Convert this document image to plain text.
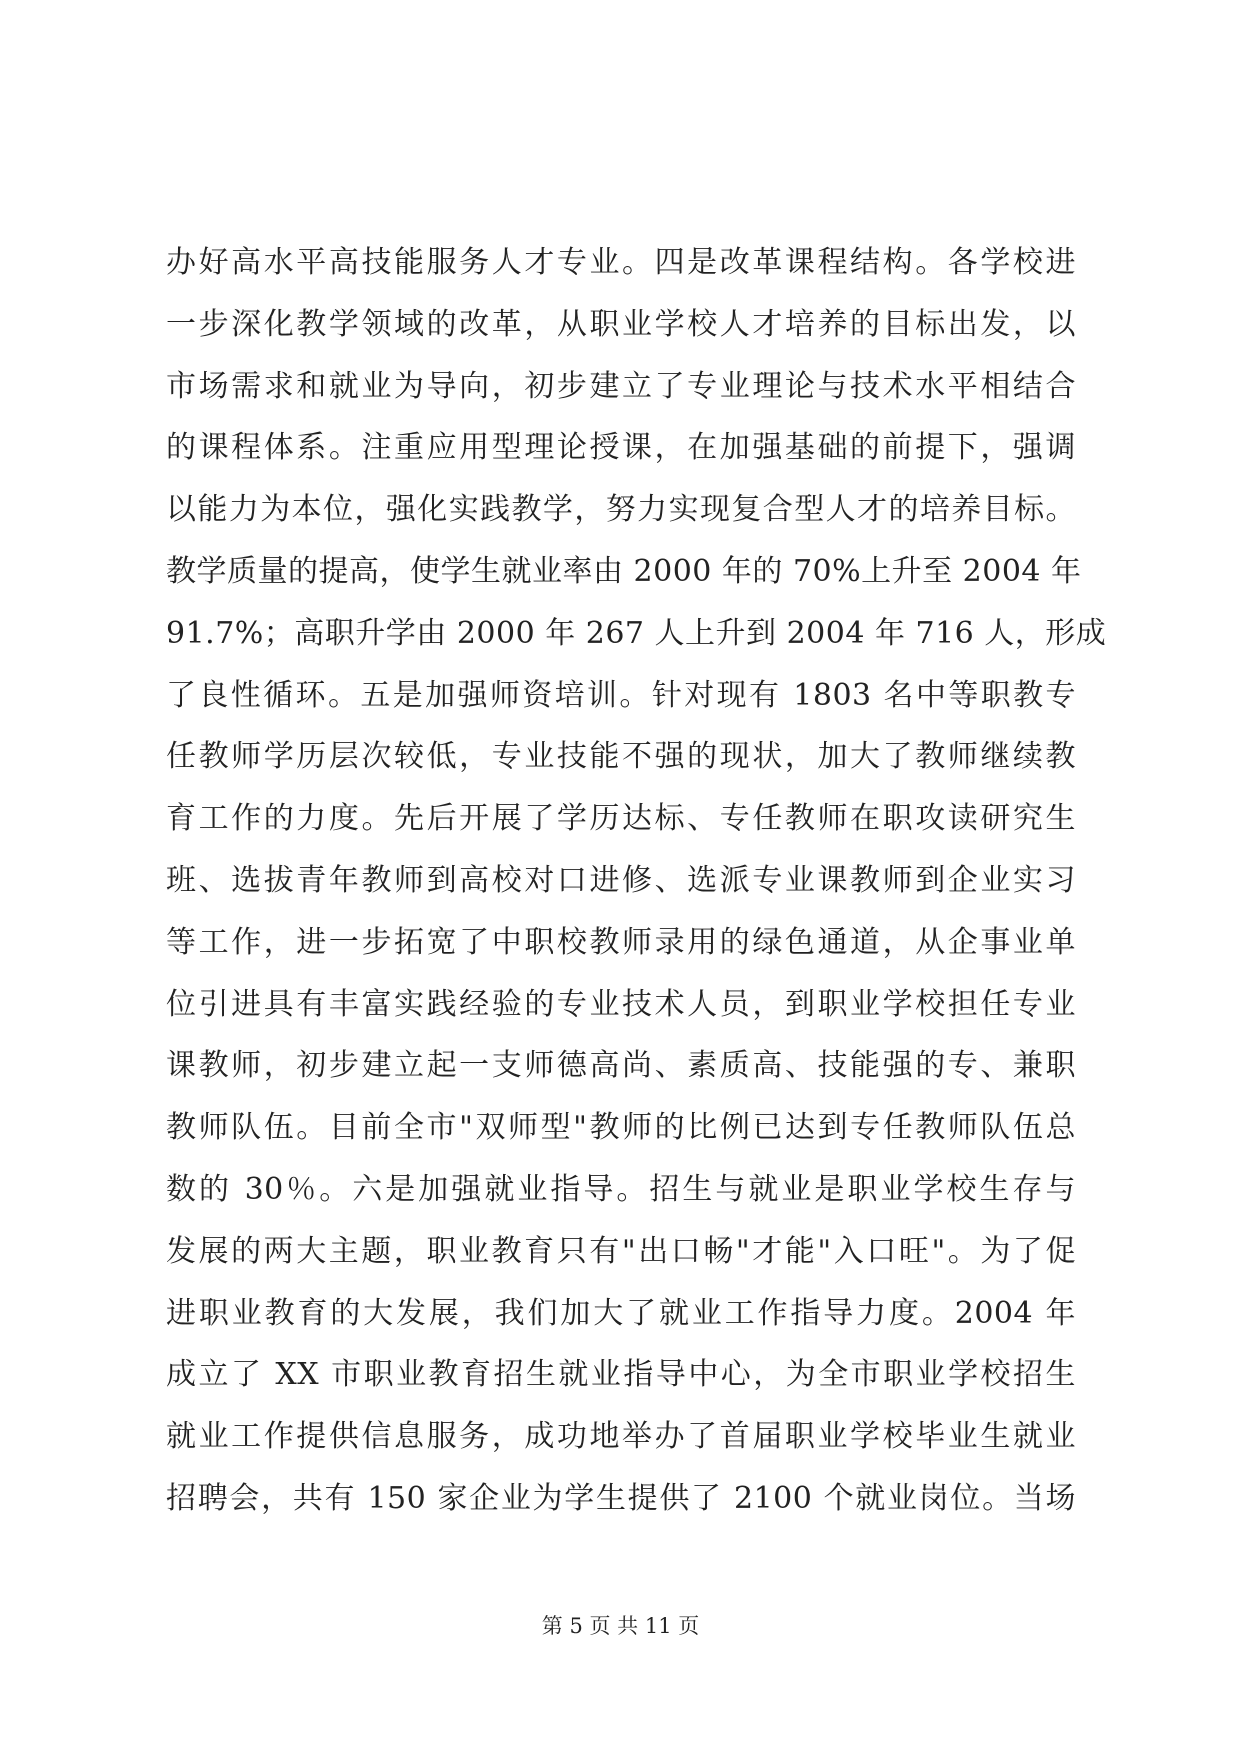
办好高水平高技能服务人才专业。四是改革课程结构。各学校进
一步深化教学领域的改革，从职业学校人才培养的目标出发，以
市场需求和就业为导向，初步建立了专业理论与技术水平相结合
的课程体系。注重应用型理论授课，在加强基础的前提下，强调
以能力为本位，强化实践教学，努力实现复合型人才的培养目标。
教学质量的提高，使学生就业率由 2000 年的 70%上升至 2004 年
91.7%；高职升学由 2000 年 267 人上升到 2004 年 716 人，形成
了良性循环。五是加强师资培训。针对现有 1803 名中等职教专
任教师学历层次较低，专业技能不强的现状，加大了教师继续教
育工作的力度。先后开展了学历达标、专任教师在职攻读研究生
班、选拔青年教师到高校对口进修、选派专业课教师到企业实习
等工作，进一步拓宽了中职校教师录用的绿色通道，从企事业单
位引进具有丰富实践经验的专业技术人员，到职业学校担任专业
课教师，初步建立起一支师德高尚、素质高、技能强的专、兼职
教师队伍。目前全市"双师型"教师的比例已达到专任教师队伍总
数的 30％。六是加强就业指导。招生与就业是职业学校生存与
发展的两大主题，职业教育只有"出口畅"才能"入口旺"。为了促
进职业教育的大发展，我们加大了就业工作指导力度。2004 年
成立了 XX 市职业教育招生就业指导中心，为全市职业学校招生
就业工作提供信息服务，成功地举办了首届职业学校毕业生就业
招聘会，共有 150 家企业为学生提供了 2100 个就业岗位。当场
第 5 页 共 11 页
